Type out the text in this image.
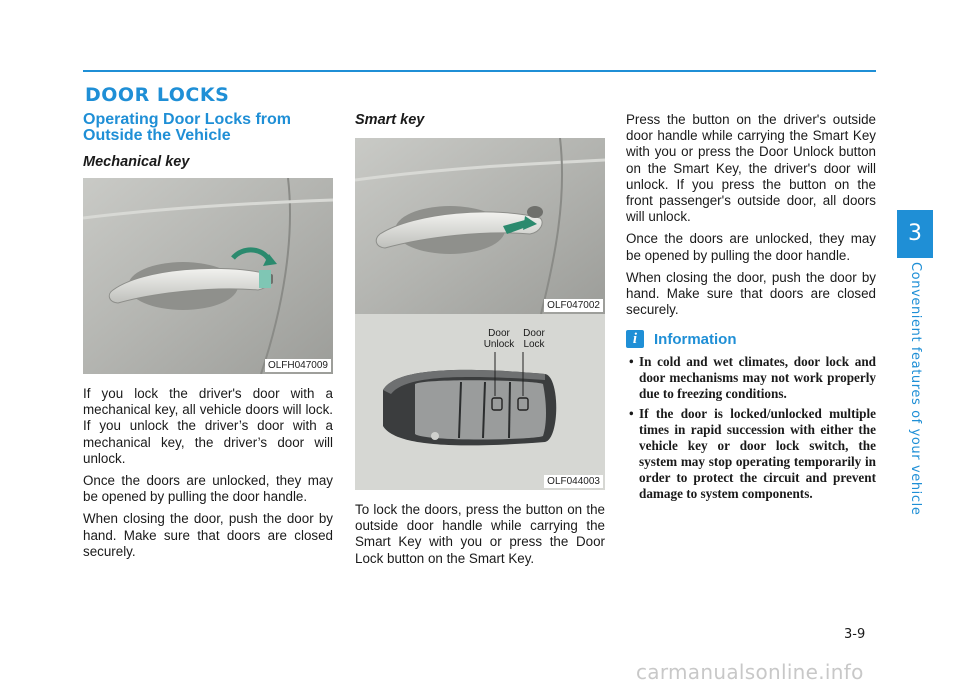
DOOR LOCKS
Operating Door Locks from Outside the Vehicle
Mechanical key
OLFH047009

If you lock the driver's door with a mechanical key, all vehicle doors will lock. If you unlock the driver’s door with a mechanical key, the driver’s door will unlock.

Once the doors are unlocked, they may be opened by pulling the door handle.

When closing the door, push the door by hand. Make sure that doors are closed securely.

Smart key
OLF047002
Door Unlock
Door Lock
OLF044003

To lock the doors, press the button on the outside door handle while carrying the Smart Key with you or press the Door Lock button on the Smart Key.

Press the button on the driver's outside door handle while carrying the Smart Key with you or press the Door Unlock button on the Smart Key, the driver's door will unlock. If you press the button on the front passenger's outside door, all doors will unlock.

Once the doors are unlocked, they may be opened by pulling the door handle.

When closing the door, push the door by hand. Make sure that doors are closed securely.

i	Information
• In cold and wet climates, door lock and door mechanisms may not work properly due to freezing conditions.
• If the door is locked/unlocked multiple times in rapid succession with either the vehicle key or door lock switch, the system may stop operating temporarily in order to protect the circuit and prevent damage to system components.
3
Convenient features of your vehicle
3-9
carmanualsonline.info
